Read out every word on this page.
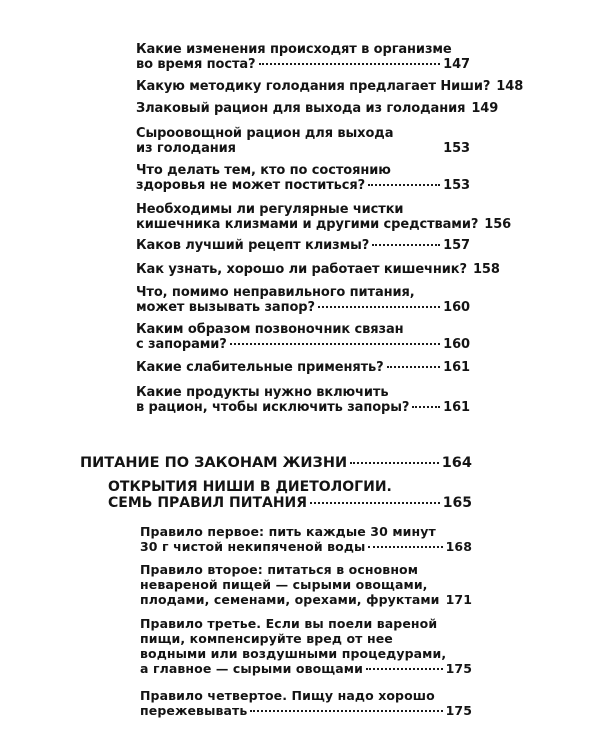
Какие изменения происходят в организме
во время поста?	147
Какую методику голодания предлагает Ниши? 148
Злаковый рацион для выхода из голодания 149
Сыроовощной рацион для выхода
из голодания	153
Что делать тем, кто по состоянию
здоровья не может поститься?	153
Необходимы ли регулярные чистки
кишечника клизмами и другими средствами? 156
Каков лучший рецепт клизмы?	157
Как узнать, хорошо ли работает кишечник? 158
Что, помимо неправильного питания,
может вызывать запор?	160
Каким образом позвоночник связан
с запорами?	160
Какие слабительные применять?	161
Какие продукты нужно включить
в рацион, чтобы исключить запоры?	161
ПИТАНИЕ ПО ЗАКОНАМ ЖИЗНИ	164
ОТКРЫТИЯ НИШИ В ДИЕТОЛОГИИ.
СЕМЬ ПРАВИЛ ПИТАНИЯ	165
Правило первое: пить каждые 30 минут
30 г чистой некипяченой воды	168
Правило второе: питаться в основном
невареной пищей — сырыми овощами,
плодами, семенами, орехами, фруктами 171
Правило третье. Если вы поели вареной
пищи, компенсируйте вред от нее
водными или воздушными процедурами,
а главное — сырыми овощами	175
Правило четвертое. Пищу надо хорошо
пережевывать	175
